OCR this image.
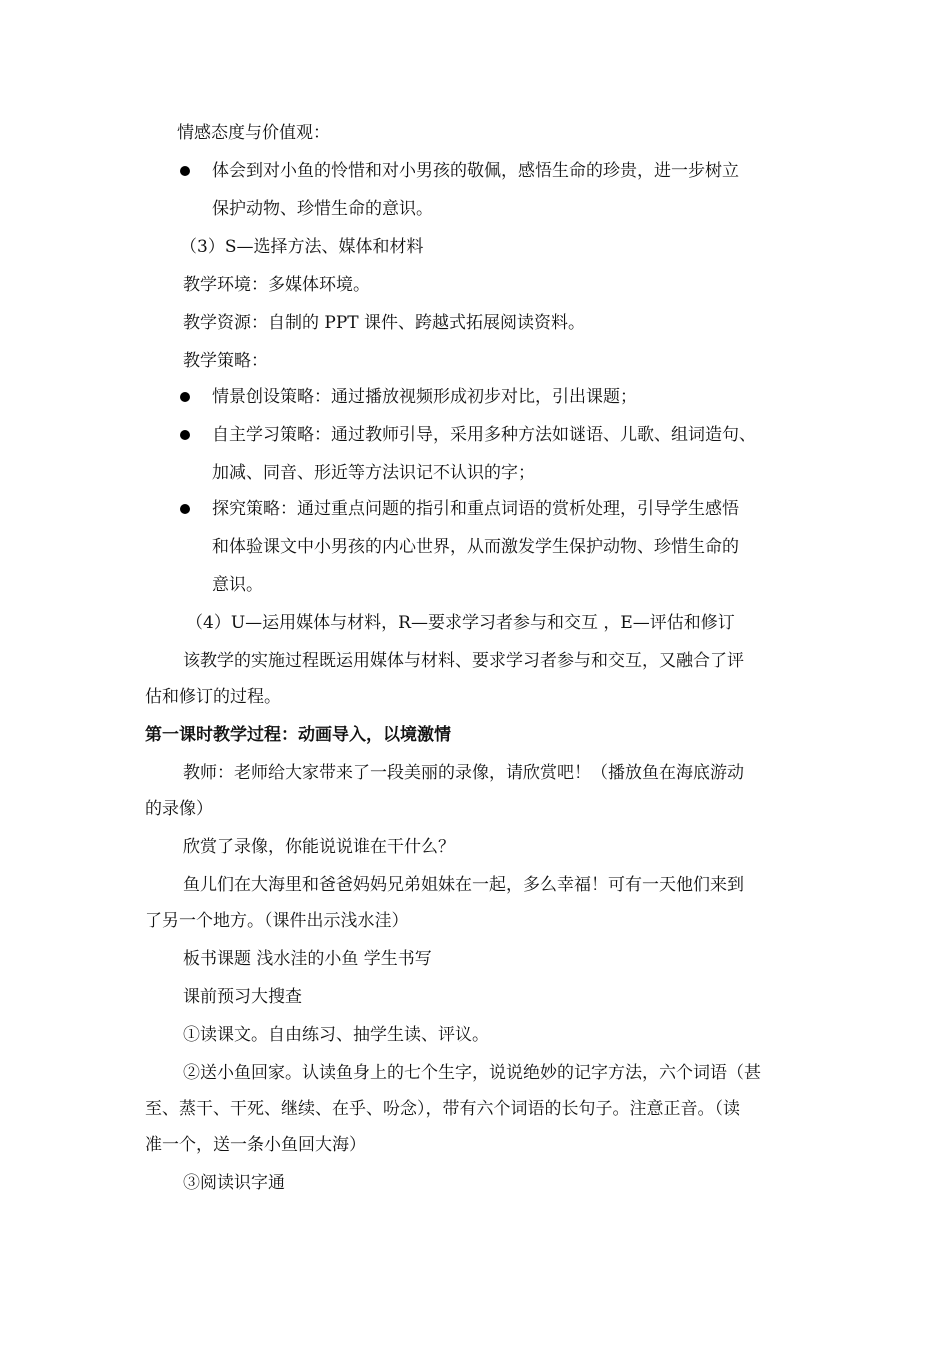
情感态度与价值观：
体会到对小鱼的怜惜和对小男孩的敬佩，感悟生命的珍贵，进一步树立
保护动物、珍惜生命的意识。
（3）S—选择方法、媒体和材料
教学环境：多媒体环境。
教学资源：自制的 PPT 课件、跨越式拓展阅读资料。
教学策略：
情景创设策略：通过播放视频形成初步对比，引出课题；
自主学习策略：通过教师引导，采用多种方法如谜语、儿歌、组词造句、
加减、同音、形近等方法识记不认识的字；
探究策略：通过重点问题的指引和重点词语的赏析处理，引导学生感悟
和体验课文中小男孩的内心世界，从而激发学生保护动物、珍惜生命的
意识。
（4）U—运用媒体与材料，R—要求学习者参与和交互 ，E—评估和修订
该教学的实施过程既运用媒体与材料、要求学习者参与和交互，又融合了评
估和修订的过程。
第一课时教学过程：动画导入，以境激情
教师：老师给大家带来了一段美丽的录像，请欣赏吧！（播放鱼在海底游动
的录像）
欣赏了录像，你能说说谁在干什么？
鱼儿们在大海里和爸爸妈妈兄弟姐妹在一起，多么幸福！可有一天他们来到
了另一个地方。（课件出示浅水洼）
板书课题 浅水洼的小鱼 学生书写
课前预习大搜查
①读课文。自由练习、抽学生读、评议。
②送小鱼回家。认读鱼身上的七个生字，说说绝妙的记字方法，六个词语（甚
至、蒸干、干死、继续、在乎、吩念），带有六个词语的长句子。注意正音。（读
准一个，送一条小鱼回大海）
③阅读识字通
